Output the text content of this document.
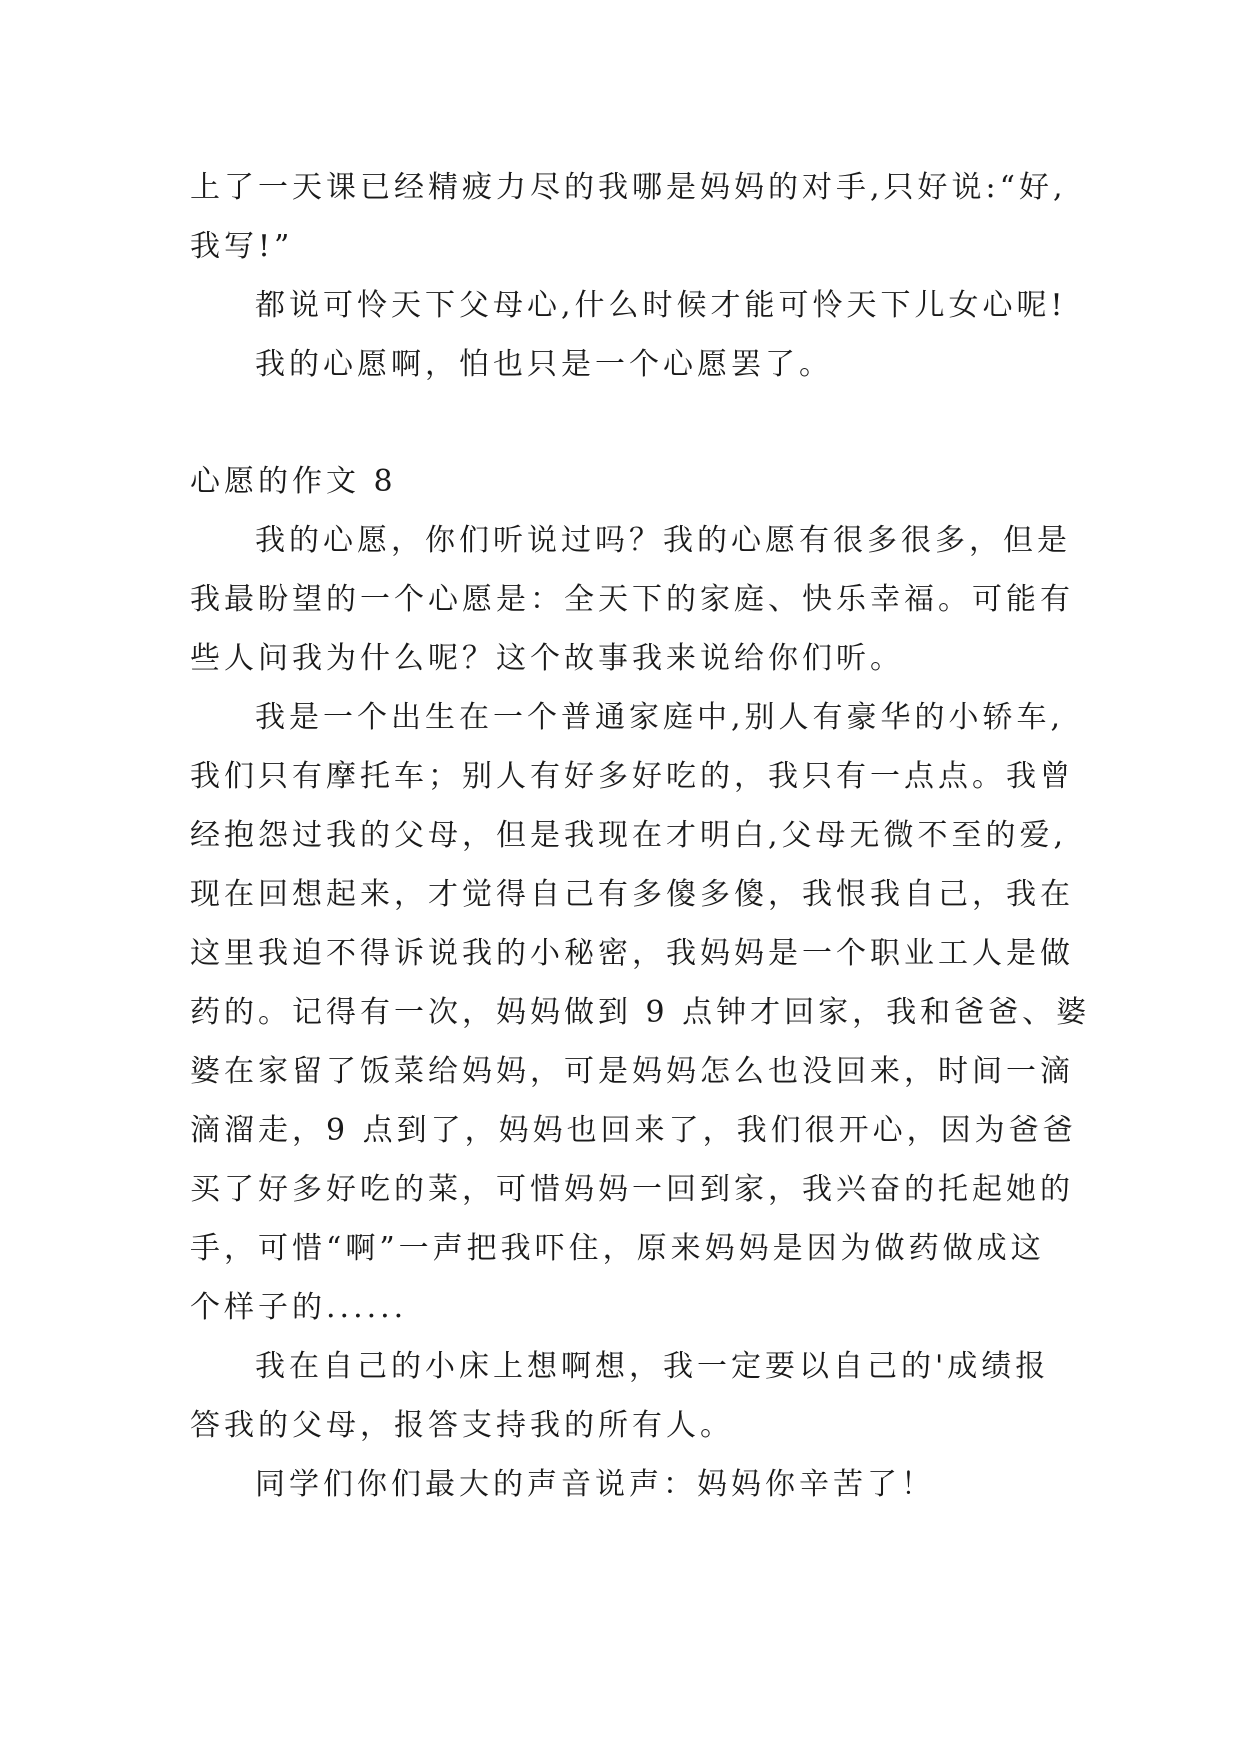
上了一天课已经精疲力尽的我哪是妈妈的对手,只好说:“好,

我写!”

都说可怜天下父母心,什么时候才能可怜天下儿女心呢!

我的心愿啊，怕也只是一个心愿罢了。

心愿的作文 8

我的心愿，你们听说过吗？我的心愿有很多很多，但是

我最盼望的一个心愿是：全天下的家庭、快乐幸福。可能有

些人问我为什么呢？这个故事我来说给你们听。

我是一个出生在一个普通家庭中,别人有豪华的小轿车,

我们只有摩托车；别人有好多好吃的，我只有一点点。我曾

经抱怨过我的父母，但是我现在才明白,父母无微不至的爱,

现在回想起来，才觉得自己有多傻多傻，我恨我自己，我在

这里我迫不得诉说我的小秘密，我妈妈是一个职业工人是做

药的。记得有一次，妈妈做到 9 点钟才回家，我和爸爸、婆

婆在家留了饭菜给妈妈，可是妈妈怎么也没回来，时间一滴

滴溜走，9 点到了，妈妈也回来了，我们很开心，因为爸爸

买了好多好吃的菜，可惜妈妈一回到家，我兴奋的托起她的

手，可惜“啊”一声把我吓住，原来妈妈是因为做药做成这

个样子的......

我在自己的小床上想啊想，我一定要以自己的'成绩报

答我的父母，报答支持我的所有人。

同学们你们最大的声音说声：妈妈你辛苦了！
